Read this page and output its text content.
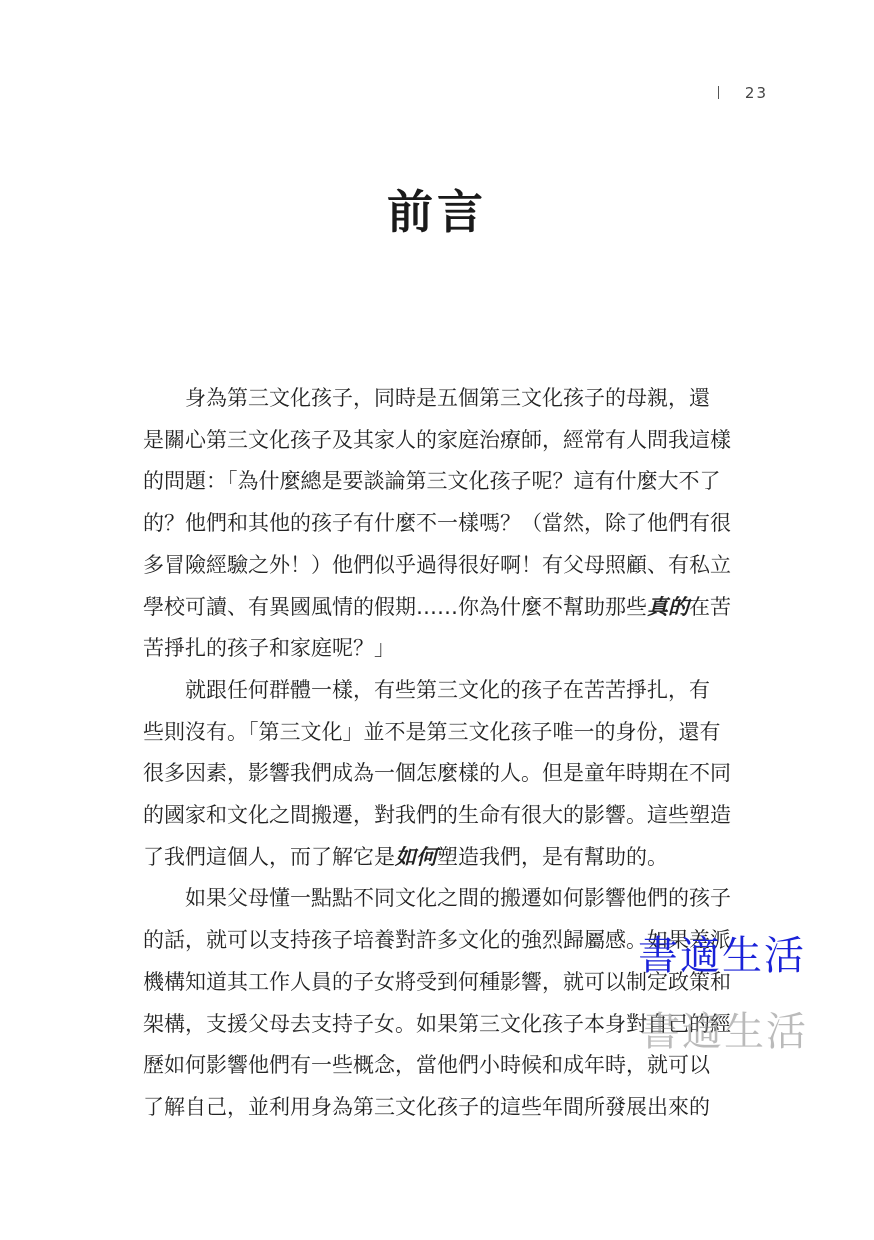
23
前言

身為第三文化孩子，同時是五個第三文化孩子的母親，還
是關心第三文化孩子及其家人的家庭治療師，經常有人問我這樣
的問題：「為什麼總是要談論第三文化孩子呢？這有什麼大不了
的？他們和其他的孩子有什麼不一樣嗎？（當然，除了他們有很
多冒險經驗之外！）他們似乎過得很好啊！有父母照顧、有私立
學校可讀、有異國風情的假期……你為什麼不幫助那些真的在苦
苦掙扎的孩子和家庭呢？」

就跟任何群體一樣，有些第三文化的孩子在苦苦掙扎，有
些則沒有。「第三文化」並不是第三文化孩子唯一的身份，還有
很多因素，影響我們成為一個怎麼樣的人。但是童年時期在不同
的國家和文化之間搬遷，對我們的生命有很大的影響。這些塑造
了我們這個人，而了解它是如何塑造我們，是有幫助的。

如果父母懂一點點不同文化之間的搬遷如何影響他們的孩子
的話，就可以支持孩子培養對許多文化的強烈歸屬感。如果差派
機構知道其工作人員的子女將受到何種影響，就可以制定政策和
架構，支援父母去支持子女。如果第三文化孩子本身對自己的經
歷如何影響他們有一些概念，當他們小時候和成年時，就可以
了解自己，並利用身為第三文化孩子的這些年間所發展出來的

書適生活
書適生活
